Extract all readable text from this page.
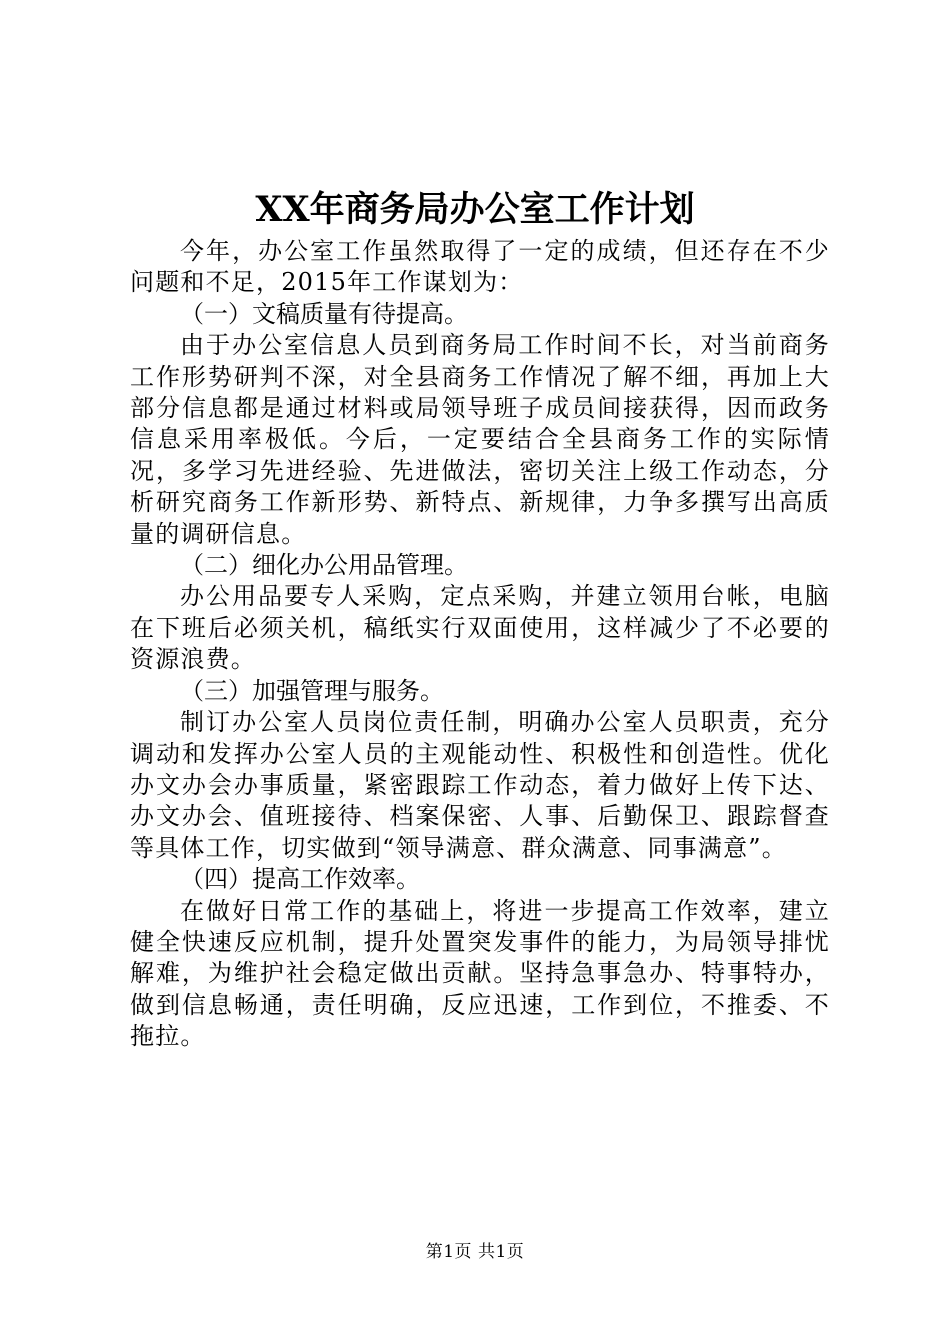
XX年商务局办公室工作计划

今年，办公室工作虽然取得了一定的成绩，但还存在不少问题和不足，2015年工作谋划为：

（一）文稿质量有待提高。

由于办公室信息人员到商务局工作时间不长，对当前商务工作形势研判不深，对全县商务工作情况了解不细，再加上大部分信息都是通过材料或局领导班子成员间接获得，因而政务信息采用率极低。今后，一定要结合全县商务工作的实际情况，多学习先进经验、先进做法，密切关注上级工作动态，分析研究商务工作新形势、新特点、新规律，力争多撰写出高质量的调研信息。

（二）细化办公用品管理。

办公用品要专人采购，定点采购，并建立领用台帐，电脑在下班后必须关机，稿纸实行双面使用，这样减少了不必要的资源浪费。

（三）加强管理与服务。

制订办公室人员岗位责任制，明确办公室人员职责，充分调动和发挥办公室人员的主观能动性、积极性和创造性。优化办文办会办事质量，紧密跟踪工作动态，着力做好上传下达、办文办会、值班接待、档案保密、人事、后勤保卫、跟踪督查等具体工作，切实做到“领导满意、群众满意、同事满意”。

（四）提高工作效率。

在做好日常工作的基础上，将进一步提高工作效率，建立健全快速反应机制，提升处置突发事件的能力，为局领导排忧解难，为维护社会稳定做出贡献。坚持急事急办、特事特办，做到信息畅通，责任明确，反应迅速，工作到位，不推委、不拖拉。

第1页 共1页
